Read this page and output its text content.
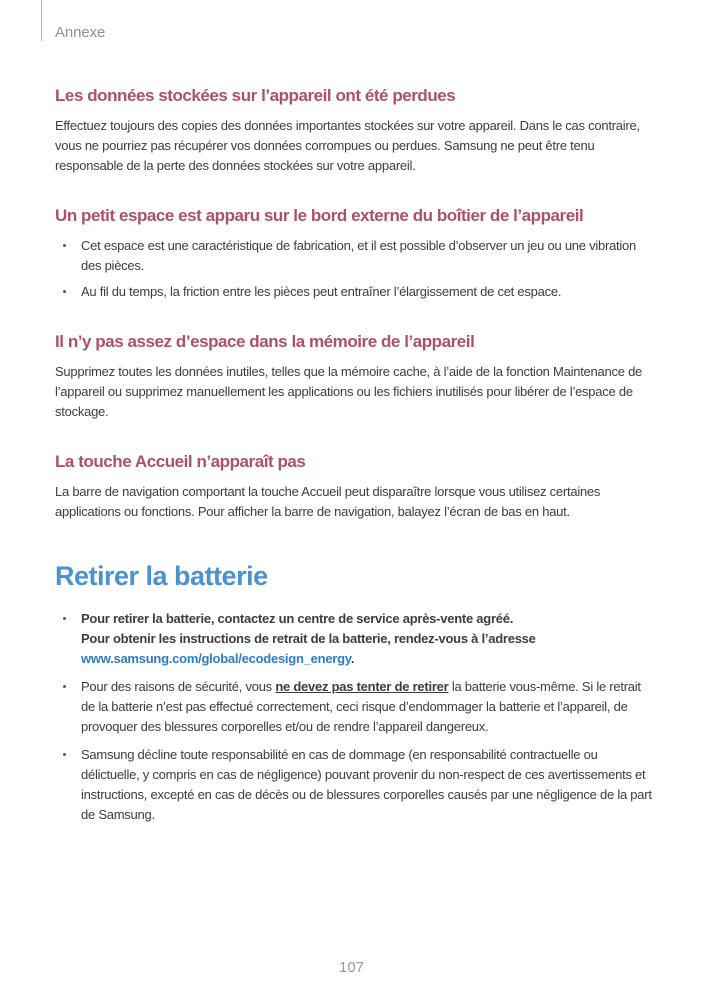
Annexe
Les données stockées sur l’appareil ont été perdues

Effectuez toujours des copies des données importantes stockées sur votre appareil. Dans le cas contraire, vous ne pourriez pas récupérer vos données corrompues ou perdues. Samsung ne peut être tenu responsable de la perte des données stockées sur votre appareil.

Un petit espace est apparu sur le bord externe du boîtier de l’appareil
Cet espace est une caractéristique de fabrication, et il est possible d’observer un jeu ou une vibration des pièces.
Au fil du temps, la friction entre les pièces peut entraîner l’élargissement de cet espace.
Il n’y pas assez d’espace dans la mémoire de l’appareil

Supprimez toutes les données inutiles, telles que la mémoire cache, à l’aide de la fonction Maintenance de l’appareil ou supprimez manuellement les applications ou les fichiers inutilisés pour libérer de l’espace de stockage.

La touche Accueil n’apparaît pas

La barre de navigation comportant la touche Accueil peut disparaître lorsque vous utilisez certaines applications ou fonctions. Pour afficher la barre de navigation, balayez l’écran de bas en haut.

Retirer la batterie
Pour retirer la batterie, contactez un centre de service après-vente agréé.
Pour obtenir les instructions de retrait de la batterie, rendez-vous à l’adresse www.samsung.com/global/ecodesign_energy.
Pour des raisons de sécurité, vous ne devez pas tenter de retirer la batterie vous-même. Si le retrait de la batterie n’est pas effectué correctement, ceci risque d’endommager la batterie et l’appareil, de provoquer des blessures corporelles et/ou de rendre l’appareil dangereux.
Samsung décline toute responsabilité en cas de dommage (en responsabilité contractuelle ou délictuelle, y compris en cas de négligence) pouvant provenir du non-respect de ces avertissements et instructions, excepté en cas de décès ou de blessures corporelles causés par une négligence de la part de Samsung.
107
